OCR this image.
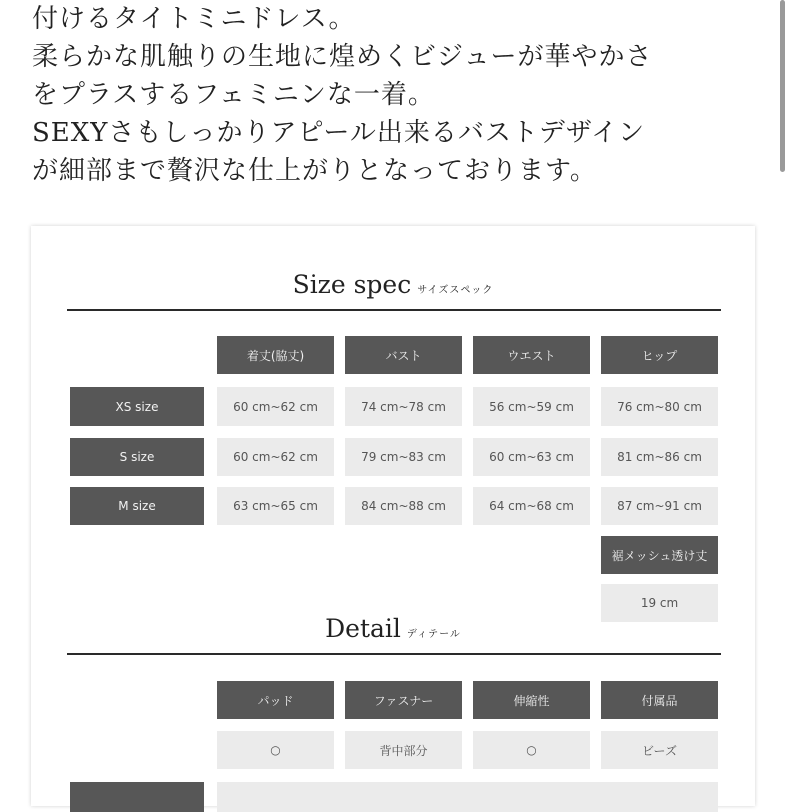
付けるタイトミニドレス。
柔らかな肌触りの生地に煌めくビジューが華やかさ
をプラスするフェミニンな一着。
SEXYさもしっかりアピール出来るバストデザイン
が細部まで贅沢な仕上がりとなっております。
Size spec サイズスペック
着丈(脇丈)	バスト	ウエスト	ヒップ
XS size	60 cm~62 cm	74 cm~78 cm	56 cm~59 cm	76 cm~80 cm
S size	60 cm~62 cm	79 cm~83 cm	60 cm~63 cm	81 cm~86 cm
M size	63 cm~65 cm	84 cm~88 cm	64 cm~68 cm	87 cm~91 cm
裾メッシュ透け丈
19 cm
Detail ディテール
パッド	ファスナー	伸縮性	付属品
○	背中部分	○	ビーズ
